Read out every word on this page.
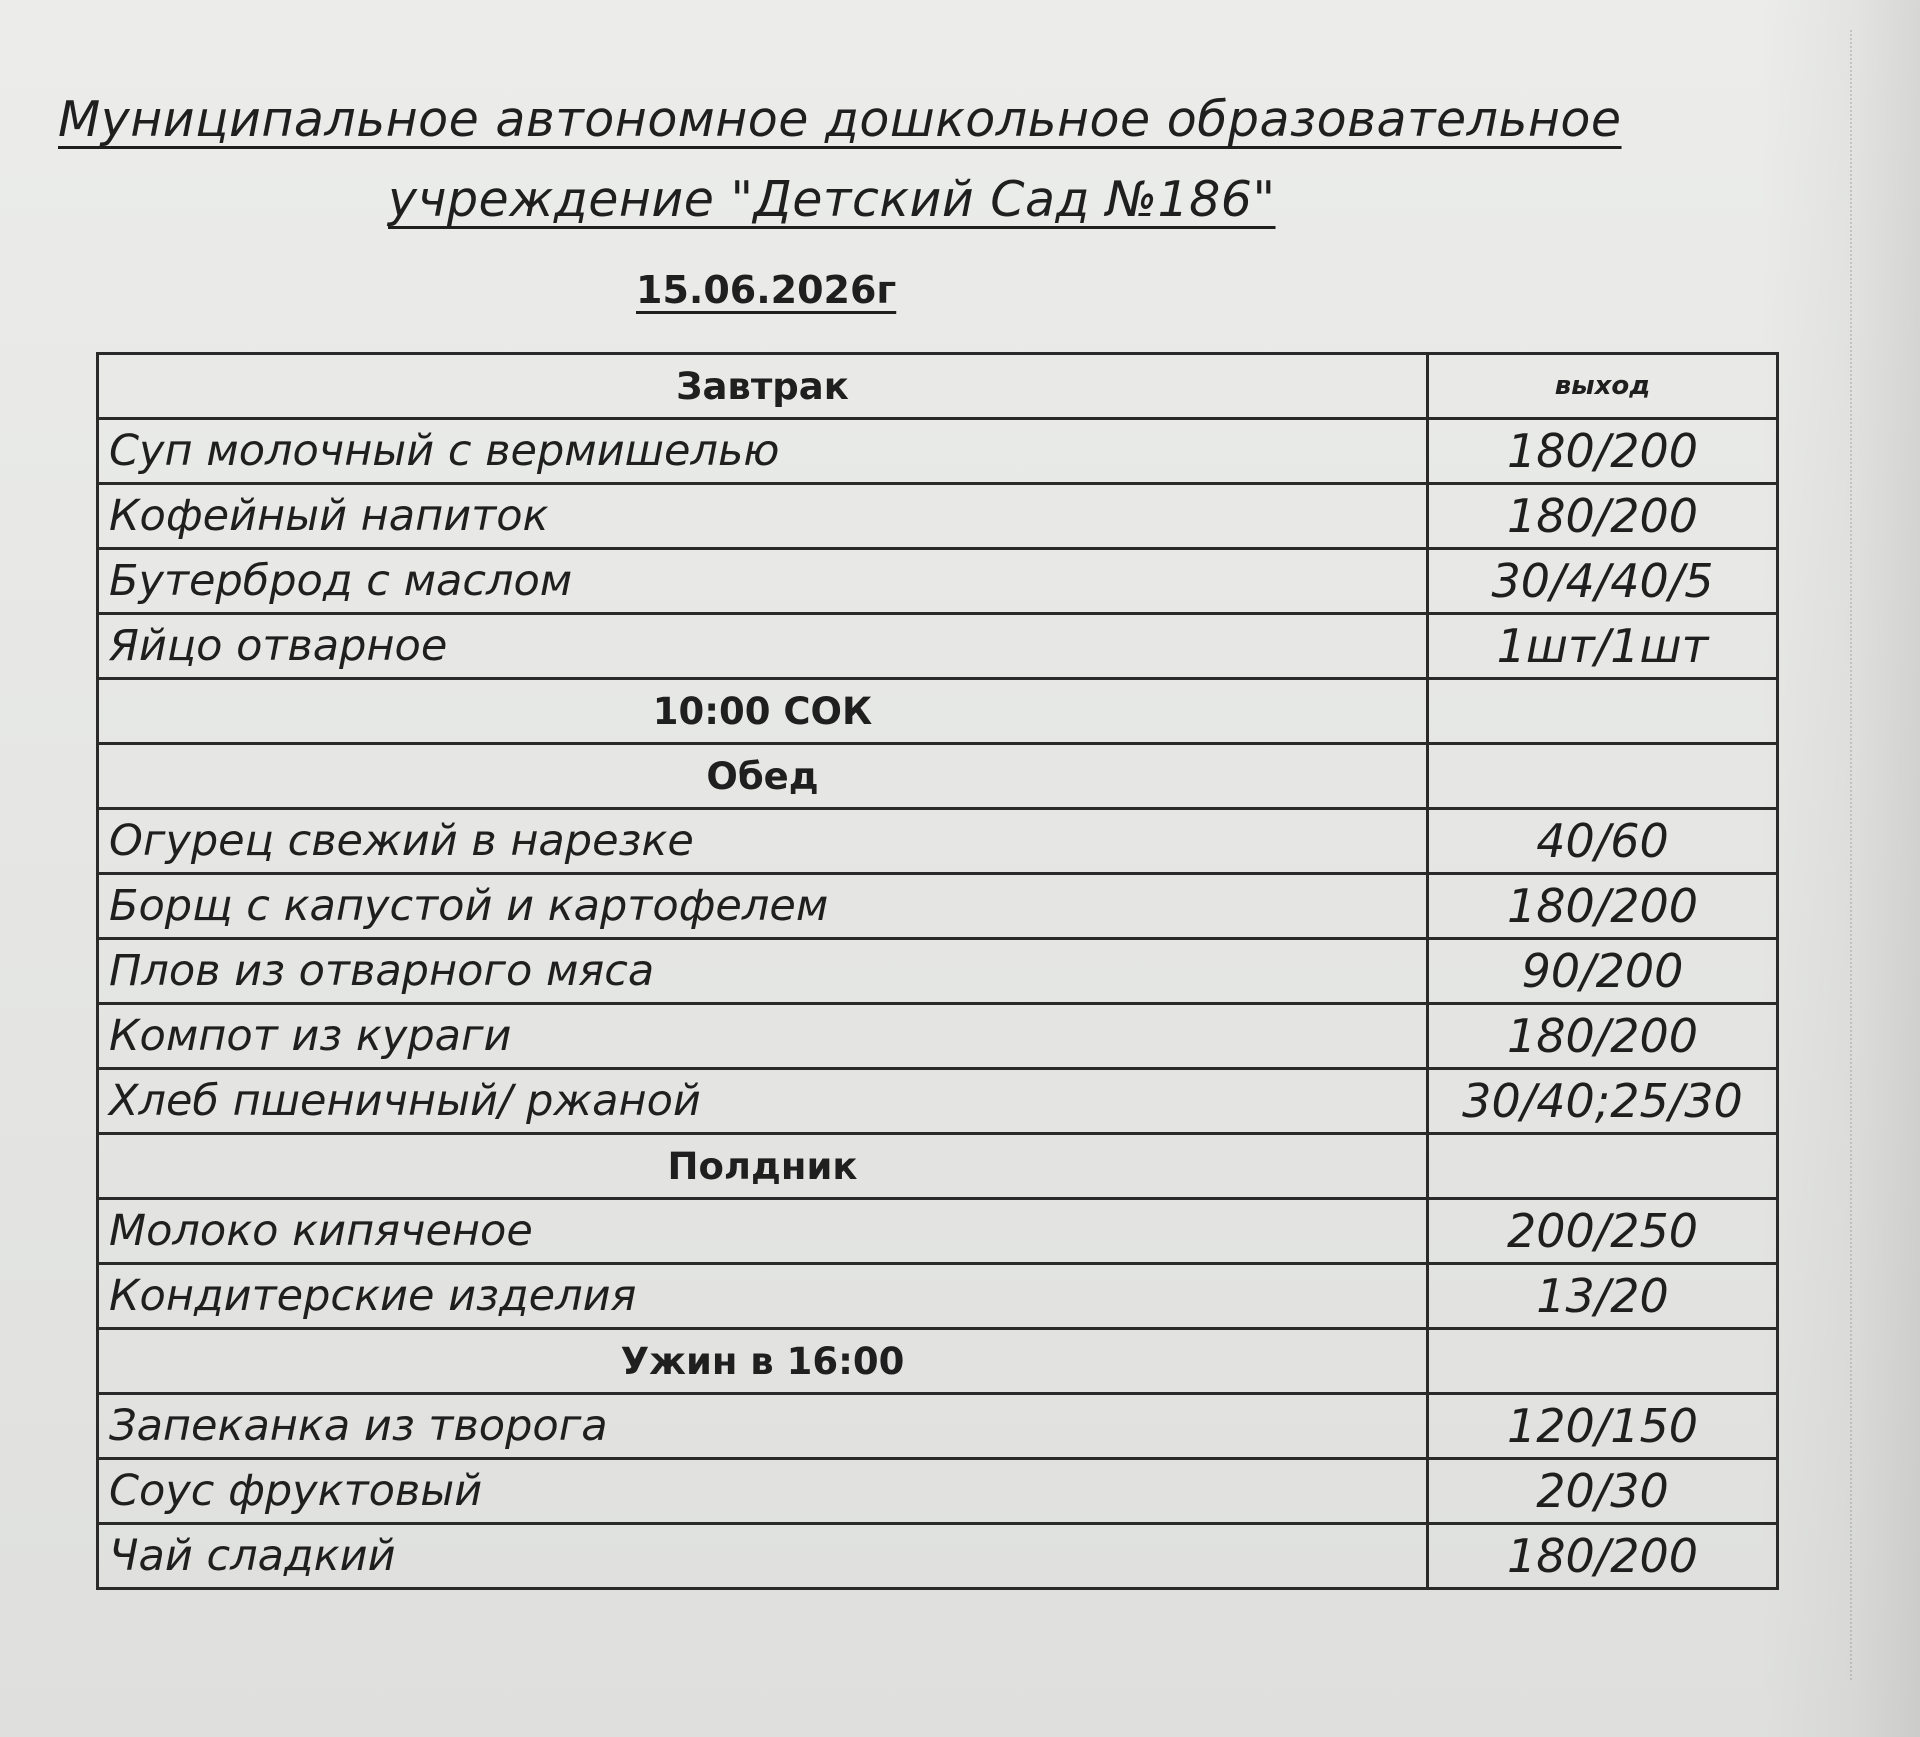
Муниципальное автономное дошкольное образовательное
учреждение "Детский Сад №186"
15.06.2026г
Завтрак	выход
Суп молочный с вермишелью	180/200
Кофейный напиток	180/200
Бутерброд с маслом	30/4/40/5
Яйцо отварное	1шт/1шт
10:00 СОК	
Обед	
Огурец свежий в нарезке	40/60
Борщ с капустой и картофелем	180/200
Плов из отварного мяса	90/200
Компот из кураги	180/200
Хлеб пшеничный/ ржаной	30/40;25/30
Полдник	
Молоко кипяченое	200/250
Кондитерские изделия	13/20
Ужин в 16:00	
Запеканка из творога	120/150
Соус фруктовый	20/30
Чай сладкий	180/200
